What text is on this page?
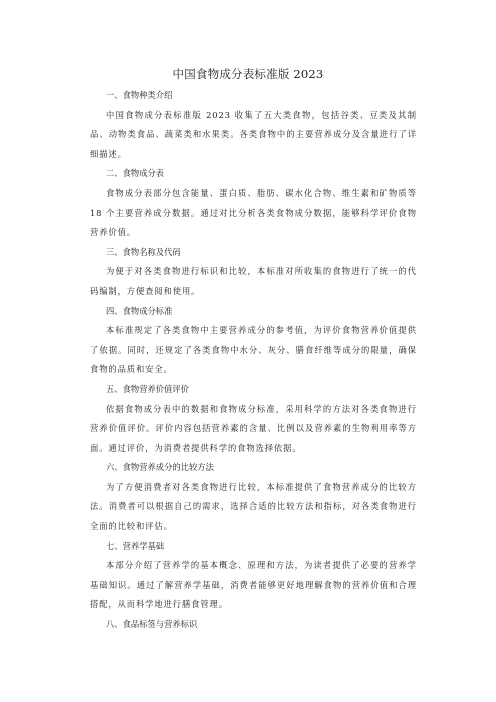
中国食物成分表标准版 2023

一、食物种类介绍

中国食物成分表标准版 2023 收集了五大类食物，包括谷类、豆类及其制品、动物类食品、蔬菜类和水果类。各类食物中的主要营养成分及含量进行了详细描述。

二、食物成分表

食物成分表部分包含能量、蛋白质、脂肪、碳水化合物、维生素和矿物质等 18 个主要营养成分数据。通过对比分析各类食物成分数据，能够科学评价食物营养价值。

三、食物名称及代码

为便于对各类食物进行标识和比较，本标准对所收集的食物进行了统一的代码编制，方便查阅和使用。

四、食物成分标准

本标准规定了各类食物中主要营养成分的参考值，为评价食物营养价值提供了依据。同时，还规定了各类食物中水分、灰分、膳食纤维等成分的限量，确保食物的品质和安全。

五、食物营养价值评价

依据食物成分表中的数据和食物成分标准，采用科学的方法对各类食物进行营养价值评价。评价内容包括营养素的含量、比例以及营养素的生物利用率等方面。通过评价，为消费者提供科学的食物选择依据。

六、食物营养成分的比较方法

为了方便消费者对各类食物进行比较，本标准提供了食物营养成分的比较方法。消费者可以根据自己的需求，选择合适的比较方法和指标，对各类食物进行全面的比较和评估。

七、营养学基础

本部分介绍了营养学的基本概念、原理和方法，为读者提供了必要的营养学基础知识。通过了解营养学基础，消费者能够更好地理解食物的营养价值和合理搭配，从而科学地进行膳食管理。

八、食品标签与营养标识
